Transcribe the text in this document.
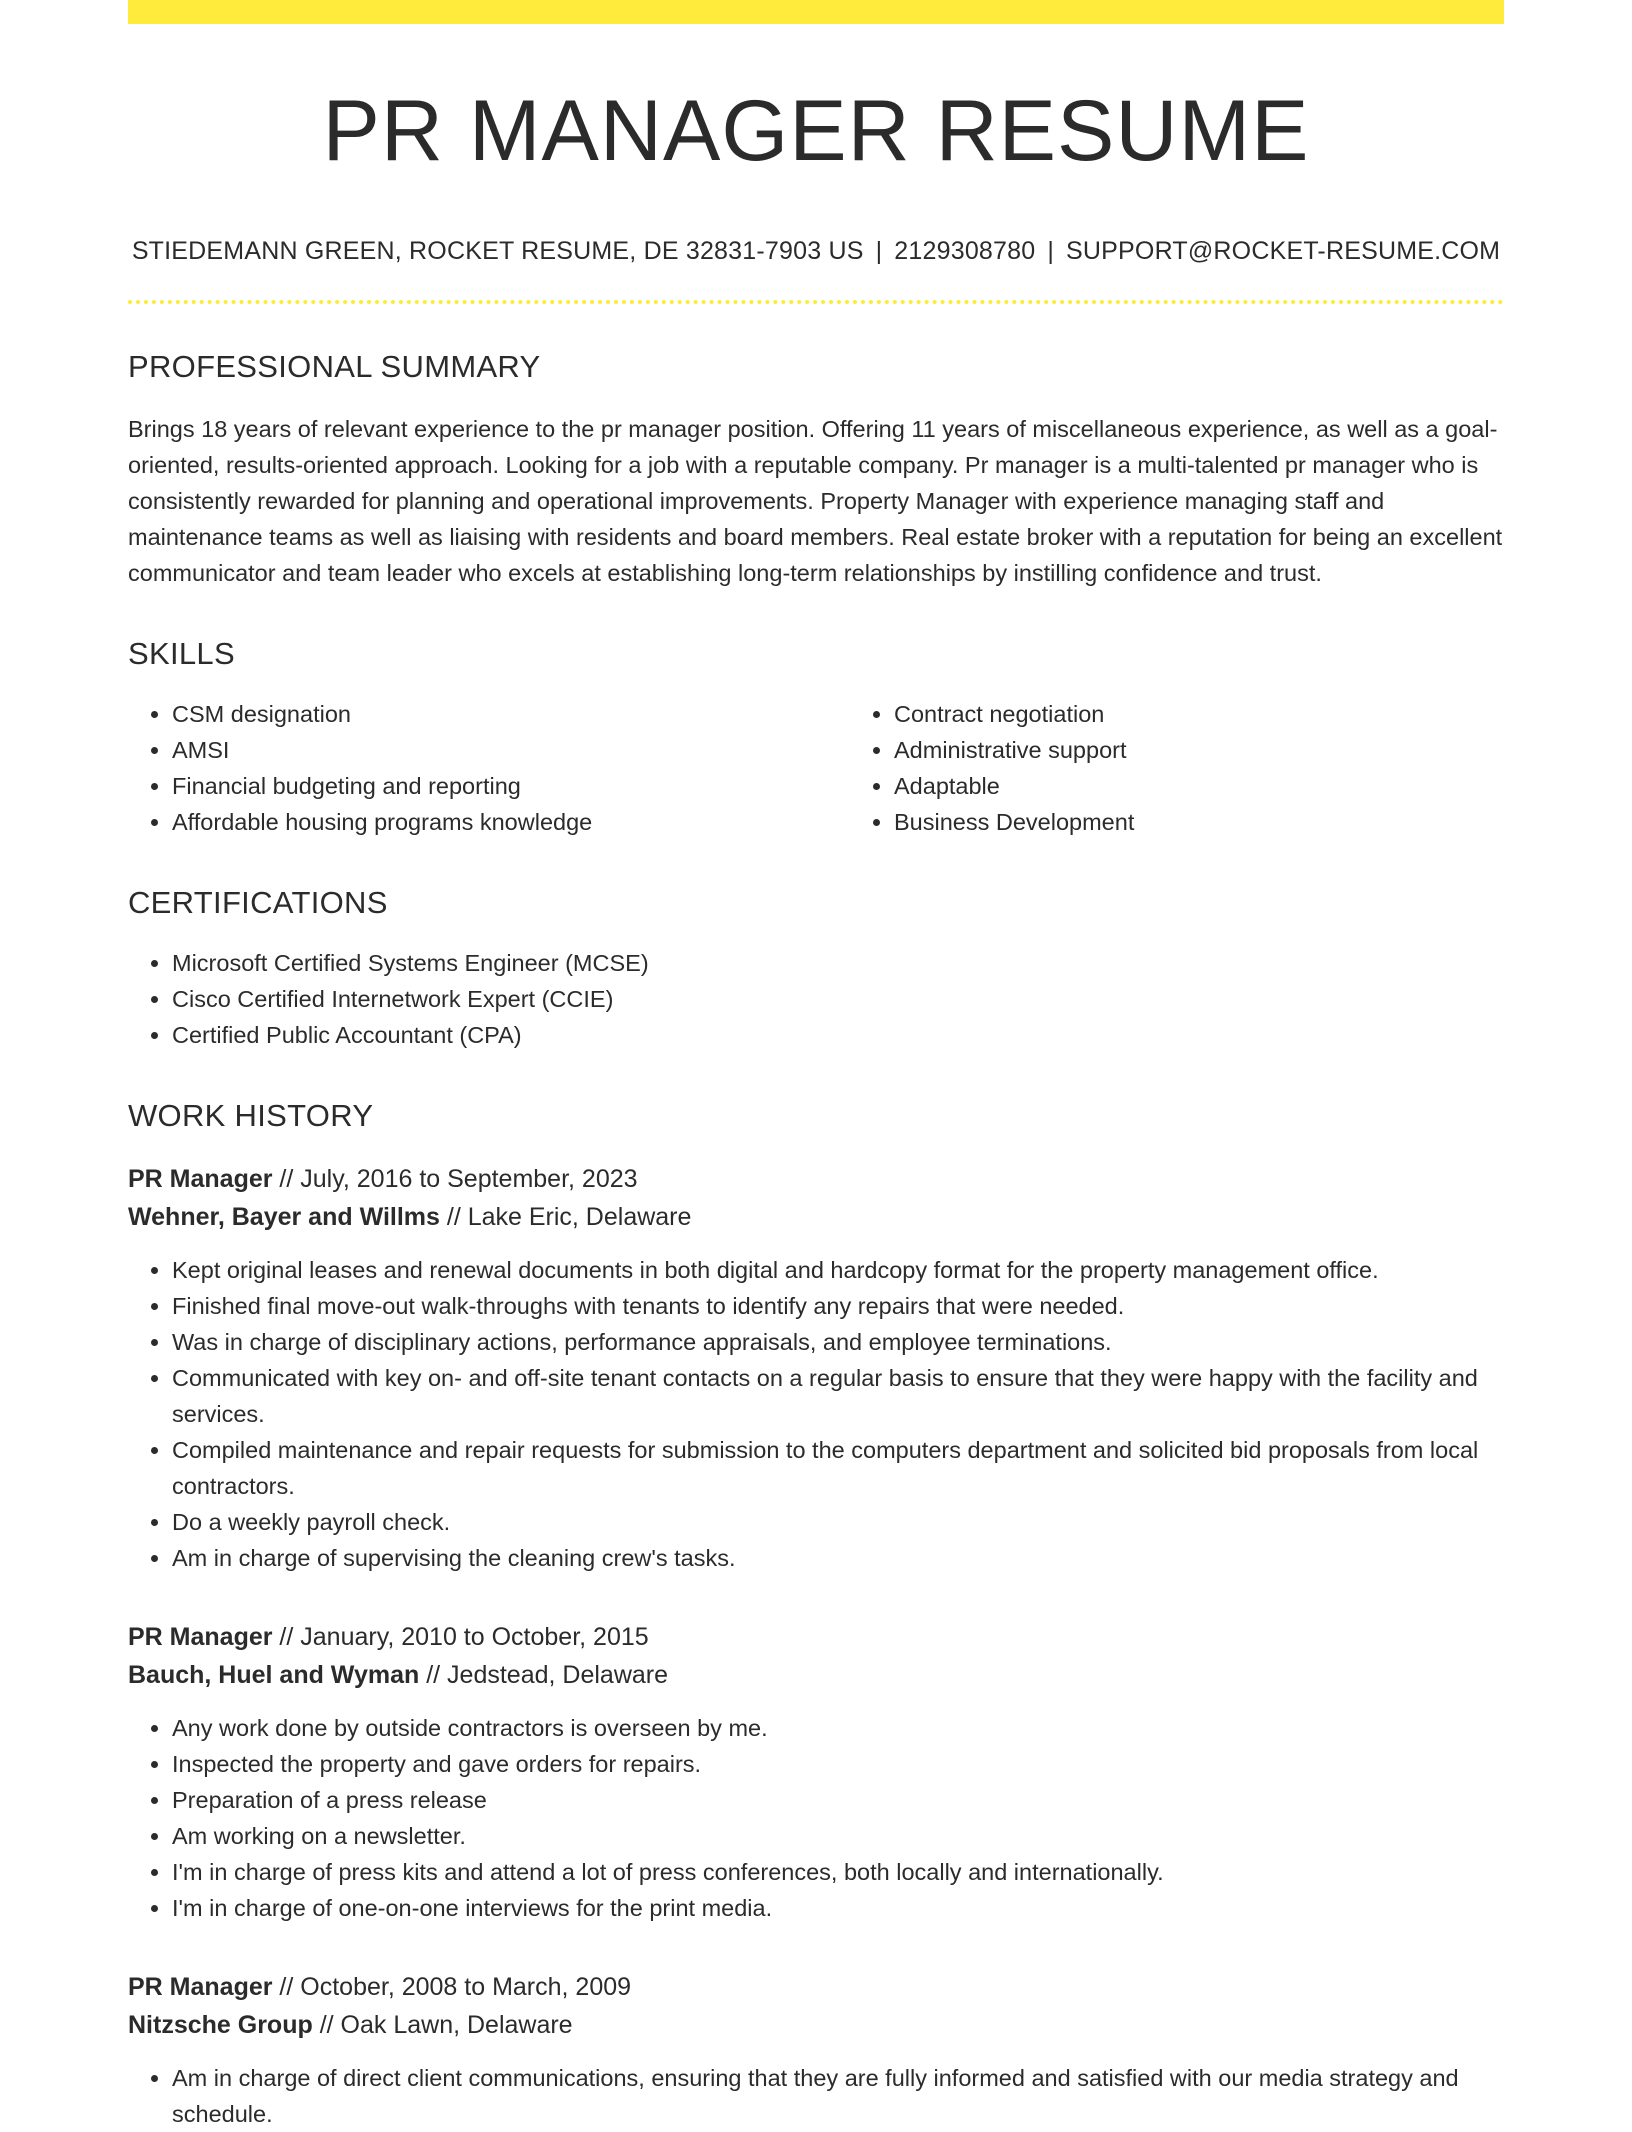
PR MANAGER RESUME
STIEDEMANN GREEN, ROCKET RESUME, DE 32831-7903 US | 2129308780 | SUPPORT@ROCKET-RESUME.COM
PROFESSIONAL SUMMARY

Brings 18 years of relevant experience to the pr manager position. Offering 11 years of miscellaneous experience, as well as a goal-oriented, results-oriented approach. Looking for a job with a reputable company. Pr manager is a multi-talented pr manager who is consistently rewarded for planning and operational improvements. Property Manager with experience managing staff and maintenance teams as well as liaising with residents and board members. Real estate broker with a reputation for being an excellent communicator and team leader who excels at establishing long-term relationships by instilling confidence and trust.

SKILLS
• CSM designation
• AMSI
• Financial budgeting and reporting
• Affordable housing programs knowledge
• Contract negotiation
• Administrative support
• Adaptable
• Business Development
CERTIFICATIONS
• Microsoft Certified Systems Engineer (MCSE)
• Cisco Certified Internetwork Expert (CCIE)
• Certified Public Accountant (CPA)
WORK HISTORY
PR Manager // July, 2016 to September, 2023
Wehner, Bayer and Willms // Lake Eric, Delaware
• Kept original leases and renewal documents in both digital and hardcopy format for the property management office.
• Finished final move-out walk-throughs with tenants to identify any repairs that were needed.
• Was in charge of disciplinary actions, performance appraisals, and employee terminations.
• Communicated with key on- and off-site tenant contacts on a regular basis to ensure that they were happy with the facility and services.
• Compiled maintenance and repair requests for submission to the computers department and solicited bid proposals from local contractors.
• Do a weekly payroll check.
• Am in charge of supervising the cleaning crew's tasks.
PR Manager // January, 2010 to October, 2015
Bauch, Huel and Wyman // Jedstead, Delaware
• Any work done by outside contractors is overseen by me.
• Inspected the property and gave orders for repairs.
• Preparation of a press release
• Am working on a newsletter.
• I'm in charge of press kits and attend a lot of press conferences, both locally and internationally.
• I'm in charge of one-on-one interviews for the print media.
PR Manager // October, 2008 to March, 2009
Nitzsche Group // Oak Lawn, Delaware
• Am in charge of direct client communications, ensuring that they are fully informed and satisfied with our media strategy and schedule.
